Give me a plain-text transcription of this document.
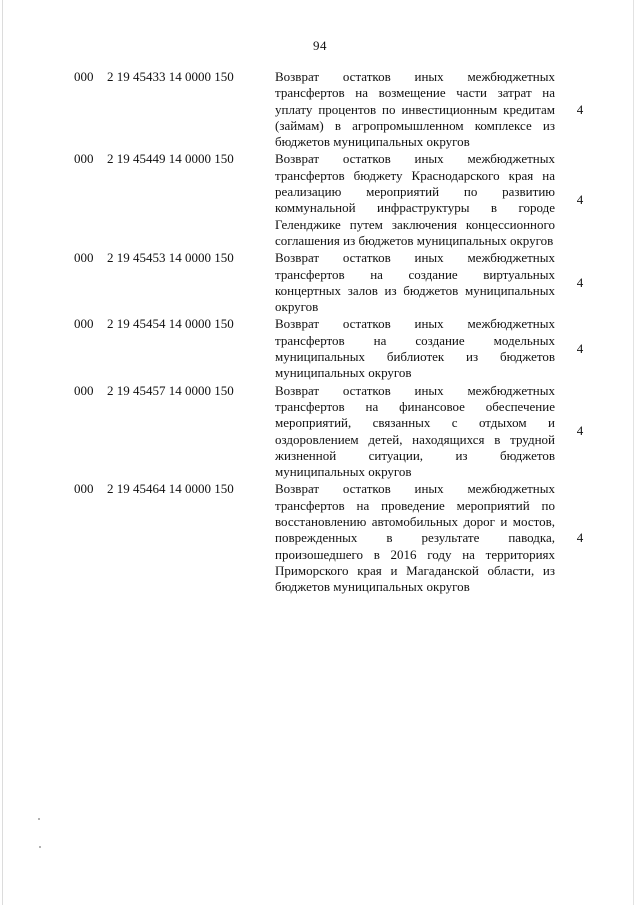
94
000	2 19 45433 14 0000 150	Возврат остатков иных межбюджетных трансфертов на возмещение части затрат на уплату процентов по инвестиционным кредитам (займам) в агропромышленном комплексе из бюджетов муниципальных округов
4
000	2 19 45449 14 0000 150	Возврат остатков иных межбюджетных трансфертов бюджету Краснодарского края на реализацию мероприятий по развитию коммунальной инфраструктуры в городе Геленджике путем заключения концессионного соглашения из бюджетов муниципальных округов
4
000	2 19 45453 14 0000 150	Возврат остатков иных межбюджетных трансфертов на создание виртуальных концертных залов из бюджетов муниципальных округов
4
000	2 19 45454 14 0000 150	Возврат остатков иных межбюджетных трансфертов на создание модельных муниципальных библиотек из бюджетов муниципальных округов
4
000	2 19 45457 14 0000 150	Возврат остатков иных межбюджетных трансфертов на финансовое обеспечение мероприятий, связанных с отдыхом и оздоровлением детей, находящихся в трудной жизненной ситуации, из бюджетов муниципальных округов
4
000	2 19 45464 14 0000 150	Возврат остатков иных межбюджетных трансфертов на проведение мероприятий по восстановлению автомобильных дорог и мостов, поврежденных в результате паводка, произошедшего в 2016 году на территориях Приморского края и Магаданской области, из бюджетов муниципальных округов
4
